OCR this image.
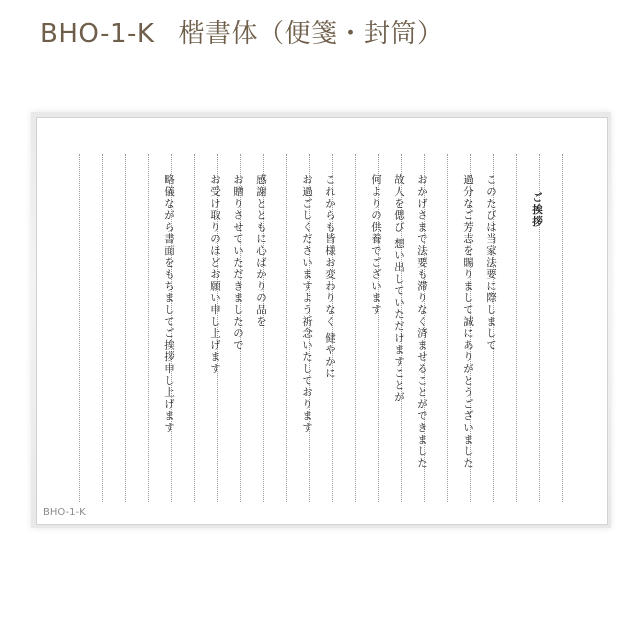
BHO-1-K 楷書体（便箋・封筒）
ご挨拶
このたびは当家法要に際しまして
過分なご芳志を賜りまして誠にありがとうございました
おかげさまで法要も滞りなく済ませることができました
故人を偲び 想い出していただけますことが
何よりの供養でございます
これからも皆様お変わりなく 健やかに
お過ごしくださいますよう祈念いたしております
感謝とともに心ばかりの品を
お贈りさせていただきましたので
お受け取りのほどお願い申し上げます
略儀ながら書面をもちましてご挨拶申し上げます
BHO-1-K
